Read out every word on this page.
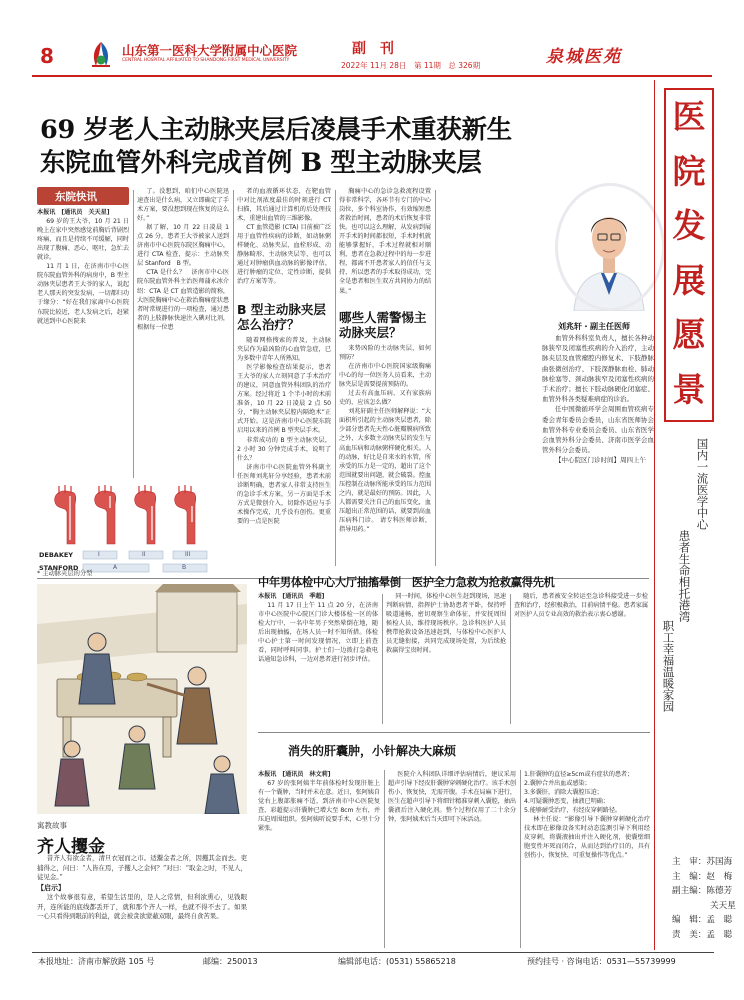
8	山东第一医科大学附属中心医院
CENTRAL HOSPITAL AFFILIATED TO SHANDONG FIRST MEDICAL UNIVERSITY
副　刊
2022年 11月 28日　第 11期　总 326期	泉城医苑
69 岁老人主动脉夹层后凌晨手术重获新生
东院血管外科完成首例 B 型主动脉夹层
东院快讯

本报讯　[通讯员　关天星]

69 岁的王大爷，10 月 21 日晚上在家中突然感觉前胸后背剧烈疼痛，而且是持续不可缓解，同时出现了腹痛、恶心、呕吐，急忙去就诊。

11 月 1 日，在济南市中心医院东院血管外科的病房中，B 型主动脉夹层患者王大爷的家人，说起老人那天的突发发病，一切都归功于缘分：“好在我们家离中心医院东院比较近，老人发病之后，赶紧就送到中心医院来

了。没想到，咱们中心医院迅速查出是什么病，又立即确定了手术方案，要没想到现在恢复的这么好。”

据了解，10 月 22 日凌晨 1 点 26 分，患者王大爷被家人送到济南市中心医院东院区胸痛中心，进行 CTA 检查，提示：主动脉夹层 Stanford　B 型。

CTA 是什么？　济南市中心医院东院血管外科主治医师蒲永冰介绍：CTA 是 CT 血管造影的简称，大医院胸痛中心在救治胸痛症状患者时常规进行的一项检查，通过患者的上肢静脉快速注入碘对比剂，根据每一位患

者的血液循环状态，在靶血管中对比剂浓度最佳的时刻进行 CT 扫描，其后通过计算机的后处理技术，重建出血管的三维影像。

CT 血管造影 (CTA) 目前被广泛用于血管性疾病的诊断，如动脉粥样硬化、动脉夹层、血栓形成、动静脉畸形、主动脉夹层等，也可以通过对肿瘤供血动脉的影像评估，进行肿瘤的定位、定性诊断，提供治疗方案等等。

B 型主动脉夹层怎么治疗？

随着网格搜索的普及，主动脉夹层作为最凶险的心血管急症，已为多数中青年人所熟知。

医学影像检查结果提示，患者王大爷的家人立刻同意了手术治疗的建议，同意血管外科团队的治疗方案。经过将近 1 个半小时的术前准备，10 月 22 日凌晨 2 点 50 分，“胸主动脉夹层腔内隔绝术”正式开始。这是济南市中心医院东院启用以来的首例 B 型夹层手术。

非常成功的 B 型主动脉夹层，2 小时 30 分钟完成手术，说明了什么？

济南市中心医院血管外科副主任医师刘兆轩分享经验，患者术前诊断明确，患者家人非常支持医生的急诊手术方案，另一方面是手术方式是微创介入，切除作适应与手术操作完成，几乎没有创伤。更重要的一点是医院

胸痛中心的急诊急救流程设置得非常科学，各环节有专门的中心岗位，多个科室协作，有效缩短患者救治时间，患者的术后恢复非常快。也可以这么理解，从发病到展开手术的时间都很短，手术时机就能够掌握好，手术过程就相对顺利，患者在急救过程中的每一步进程，都离不开患者家人的信任与支持，所以患者的手术取得成功，完全是患者和医生双方共同协力的结果。”

哪些人需警惕主动脉夹层？

来势凶险的主动脉夹层，如何预防？

在济南市中心医院国家级胸痛中心的每一位医务人员看来，主动脉夹层是需要提前预防的。

过去有高血压病、又有家族病史的，应该怎么做？

刘兆轩副主任医师解释说：“大面积所引起的主动脉夹层患者，除少部分患者先天性心脏瓣膜病所致之外，大多数主动脉夹层的发生与高血压病和动脉粥样硬化相关。人的动脉，好比是自来水的水管，所承受的压力是一定的，超出了这个范围就要出问题，就会破裂。控血压控制在动脉所能承受的压力范围之内，就是最好的预防。因此，人人都需要关注自己的血压变化，血压超出正常范围的话，就要到高血压病科门诊。 请专科医师诊断，指导用药。”

刘兆轩・副主任医师
血管外科科室负责人，擅长各种动脉狭窄及闭塞性疾病的介入治疗，主动脉夹层及血管瘤腔内修复术、下肢静脉曲张微创治疗、下肢深静脉血栓、肺动脉栓塞等、颈动脉狭窄及闭塞性疾病的手术治疗；擅长下肢动脉硬化闭塞症、血管外科各类疑难病症的诊治。
任中国微循环学会周围血管疾病专委会青年委员会委员，山东省医师协会血管外科专业委员会委员、山东省医学会血管外科分会委员、济南市医学会血管外科分会委员。
【中心院区门诊时间】周四上午
DEBAKEY
STANFORD
I	II	III
A	B
* 主动脉夹层的分型
寓教故事
齐人攫金

昔齐人有欲金者，清旦衣冠而之市。适鬻金者之所，因攫其金而去。吏捕得之，问曰：“人皆在焉，子攫人之金何？”对曰：“取金之时，不见人，徒见金。”

【启示】

这个故事很有意，希望生活里的，是人之常情，但利欲熏心，见钱眼开，连所能的底线都丢开了，就和那个齐人一样，也就不得不去了。如果一心只看得到眼前的利益，就会被贪欲蒙蔽双眼，最终自食苦果。

中年男体检中心大厅抽搐晕倒　医护全力急救为抢救赢得先机

本报讯　[通讯员　季超]

11 月 17 日上午 11 点 20 分，在济南市中心医院中心院区门诊大楼体检一区的体检大厅中，一名中年男子突然晕倒在地，随后出现抽搐，在场人员一时不知所措。体检中心护士第一时间发现情况，立即上前查看，同时呼叫同事。护士们一边拨打急救电话通知急诊科，一边对患者进行初步评估。

同一时间，体检中心医生赶到现场，迅速判断病情，指挥护士协助患者平卧，保持呼吸道通畅，密切观察生命体征，并安抚周围候检人员，维持现场秩序。急诊科医护人员携带抢救设备迅速赶到，与体检中心医护人员无缝衔接，共同完成现场处置，为后续抢救赢得宝贵时间。

随后，患者被安全转运至急诊科接受进一步检查和治疗，经积极救治，目前病情平稳。患者家属对医护人员专业高效的救治表示衷心感谢。

消失的肝囊肿，小针解决大麻烦

本报讯　[通讯员　林文莉]

67 岁的张阿姨半年前体检时发现肝脏上有一个囊肿，当时并未在意。近日，张阿姨自觉右上腹部胀痛不适，到济南市中心医院复查，彩超提示肝囊肿已增大至 8cm 左右，并压迫周围组织。张阿姨听说要手术，心里十分紧张。

医院介入科团队详细评估病情后，建议采用超声引导下经皮肝囊肿穿刺硬化治疗。该手术创伤小、恢复快，无需开腹。手术在局麻下进行，医生在超声引导下将细针精准穿刺入囊腔，抽出囊液后注入硬化剂。整个过程仅用了二十余分钟，张阿姨术后当天即可下床活动。

1.肝囊肿的直径≥5cm或有症状的患者；

2.囊肿合并出血或感染；

3.多囊肝，消除大囊腔压迫；

4.可疑囊肿恶变，抽液已明确；

5.能够耐受治疗，有经皮穿刺路径。

林主任说：“影像引导下囊肿穿刺硬化治疗技术即在影像设备实时动态监测引导下利用经皮穿刺，将囊液抽出并注入硬化剂，使囊壁细胞变性坏死而闭合，从而达到治疗目的，具有创伤小、恢复快、可重复操作等优点。”

医
院
发
展
愿
景
国内一流医学中心
患者生命相托港湾
职工幸福温暖家园
主　审：苏国海
主　编：赵　梅
副主编：陈德芳
关天星
编　辑：孟　聪
责　美：孟　聪
本报地址：济南市解放路 105 号	邮编：250013	编辑部电话：(0531) 55865218	预约挂号 · 咨询电话：0531—55739999
